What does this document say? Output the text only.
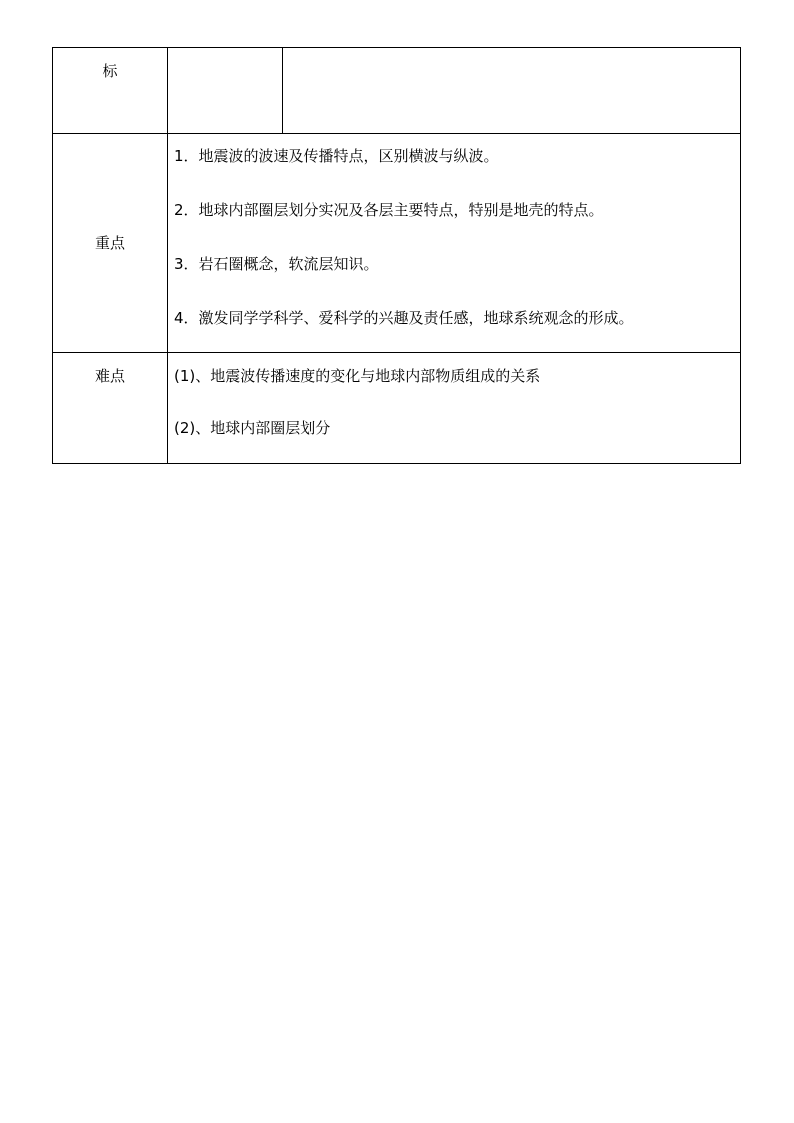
标		

重点	1．地震波的波速及传播特点，区别横波与纵波。
2．地球内部圈层划分实况及各层主要特点，特别是地壳的特点。
3．岩石圈概念，软流层知识。
4．激发同学学科学、爱科学的兴趣及责任感，地球系统观念的形成。	

难点	(1)、地震波传播速度的变化与地球内部物质组成的关系
(2)、地球内部圈层划分	
